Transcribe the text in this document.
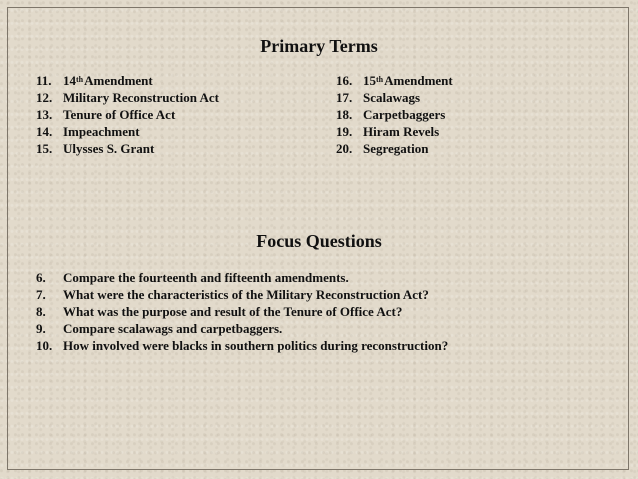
Primary Terms
11. 14th Amendment
12. Military Reconstruction Act
13. Tenure of Office Act
14. Impeachment
15. Ulysses S. Grant
16. 15th Amendment
17. Scalawags
18. Carpetbaggers
19. Hiram Revels
20. Segregation
Focus Questions
6.	Compare the fourteenth and fifteenth amendments.
7.	What were the characteristics of the Military Reconstruction Act?
8.	What was the purpose and result of the Tenure of Office Act?
9.	Compare scalawags and carpetbaggers.
10. How involved were blacks in southern politics during reconstruction?
